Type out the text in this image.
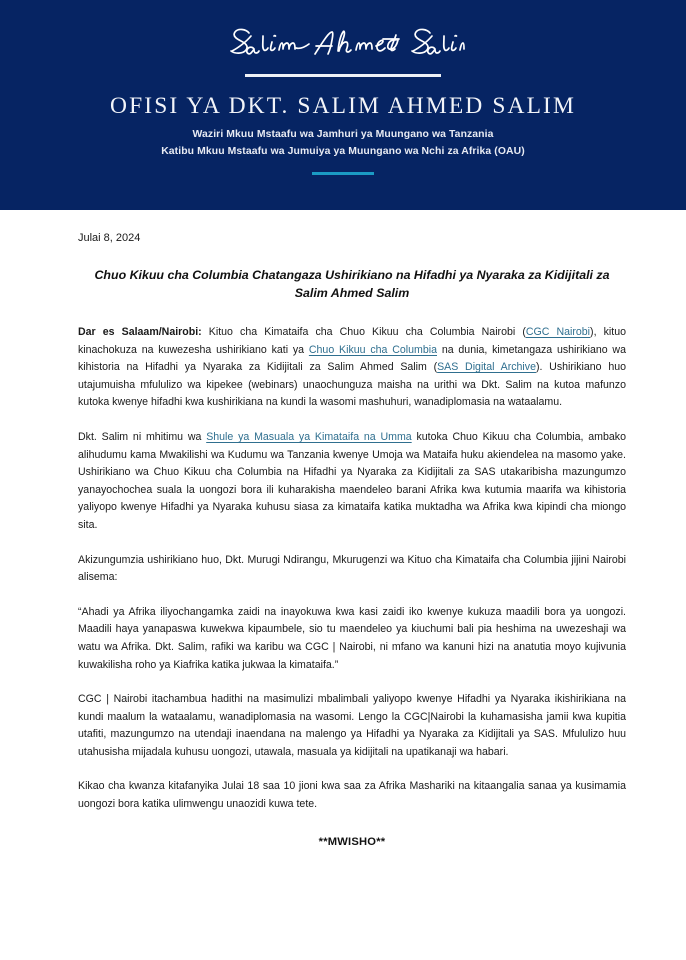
OFISI YA DKT. SALIM AHMED SALIM
Waziri Mkuu Mstaafu wa Jamhuri ya Muungano wa Tanzania
Katibu Mkuu Mstaafu wa Jumuiya ya Muungano wa Nchi za Afrika (OAU)
Julai 8, 2024
Chuo Kikuu cha Columbia Chatangaza Ushirikiano na Hifadhi ya Nyaraka za Kidijitali za Salim Ahmed Salim

Dar es Salaam/Nairobi: Kituo cha Kimataifa cha Chuo Kikuu cha Columbia Nairobi (CGC Nairobi), kituo kinachokuza na kuwezesha ushirikiano kati ya Chuo Kikuu cha Columbia na dunia, kimetangaza ushirikiano wa kihistoria na Hifadhi ya Nyaraka za Kidijitali za Salim Ahmed Salim (SAS Digital Archive). Ushirikiano huo utajumuisha mfululizo wa kipekee (webinars) unaochunguza maisha na urithi wa Dkt. Salim na kutoa mafunzo kutoka kwenye hifadhi kwa kushirikiana na kundi la wasomi mashuhuri, wanadiplomasia na wataalamu.

Dkt. Salim ni mhitimu wa Shule ya Masuala ya Kimataifa na Umma kutoka Chuo Kikuu cha Columbia, ambako alihudumu kama Mwakilishi wa Kudumu wa Tanzania kwenye Umoja wa Mataifa huku akiendelea na masomo yake. Ushirikiano wa Chuo Kikuu cha Columbia na Hifadhi ya Nyaraka za Kidijitali za SAS utakaribisha mazungumzo yanayochochea suala la uongozi bora ili kuharakisha maendeleo barani Afrika kwa kutumia maarifa wa kihistoria yaliyopo kwenye Hifadhi ya Nyaraka kuhusu siasa za kimataifa katika muktadha wa Afrika kwa kipindi cha miongo sita.

Akizungumzia ushirikiano huo, Dkt. Murugi Ndirangu, Mkurugenzi wa Kituo cha Kimataifa cha Columbia jijini Nairobi alisema:

“Ahadi ya Afrika iliyochangamka zaidi na inayokuwa kwa kasi zaidi iko kwenye kukuza maadili bora ya uongozi. Maadili haya yanapaswa kuwekwa kipaumbele, sio tu maendeleo ya kiuchumi bali pia heshima na uwezeshaji wa watu wa Afrika. Dkt. Salim, rafiki wa karibu wa CGC | Nairobi, ni mfano wa kanuni hizi na anatutia moyo kujivunia kuwakilisha roho ya Kiafrika katika jukwaa la kimataifa.”

CGC | Nairobi itachambua hadithi na masimulizi mbalimbali yaliyopo kwenye Hifadhi ya Nyaraka ikishirikiana na kundi maalum la wataalamu, wanadiplomasia na wasomi. Lengo la CGC|Nairobi la kuhamasisha jamii kwa kupitia utafiti, mazungumzo na utendaji inaendana na malengo ya Hifadhi ya Nyaraka za Kidijitali ya SAS. Mfululizo huu utahusisha mijadala kuhusu uongozi, utawala, masuala ya kidijitali na upatikanaji wa habari.

Kikao cha kwanza kitafanyika Julai 18 saa 10 jioni kwa saa za Afrika Mashariki na kitaangalia sanaa ya kusimamia uongozi bora katika ulimwengu unaozidi kuwa tete.

**MWISHO**
